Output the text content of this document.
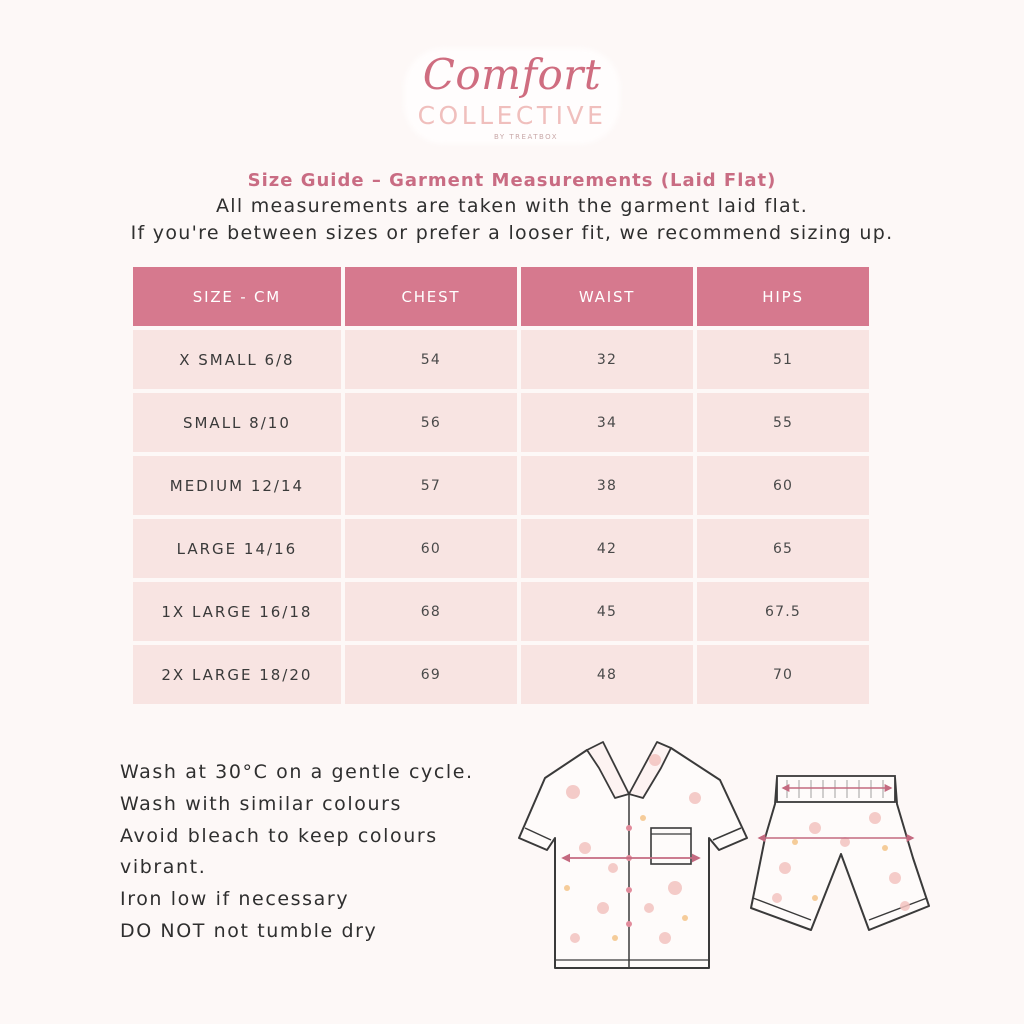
Comfort
COLLECTIVE
BY TREATBOX
Size Guide – Garment Measurements (Laid Flat)
All measurements are taken with the garment laid flat.
If you're between sizes or prefer a looser fit, we recommend sizing up.
SIZE - CM	CHEST	WAIST	HIPS
X SMALL 6/8	54	32	51
SMALL 8/10	56	34	55
MEDIUM 12/14	57	38	60
LARGE 14/16	60	42	65
1X LARGE 16/18	68	45	67.5
2X LARGE 18/20	69	48	70
Wash at 30°C on a gentle cycle.
Wash with similar colours
Avoid bleach to keep colours
vibrant.
Iron low if necessary
DO NOT not tumble dry
